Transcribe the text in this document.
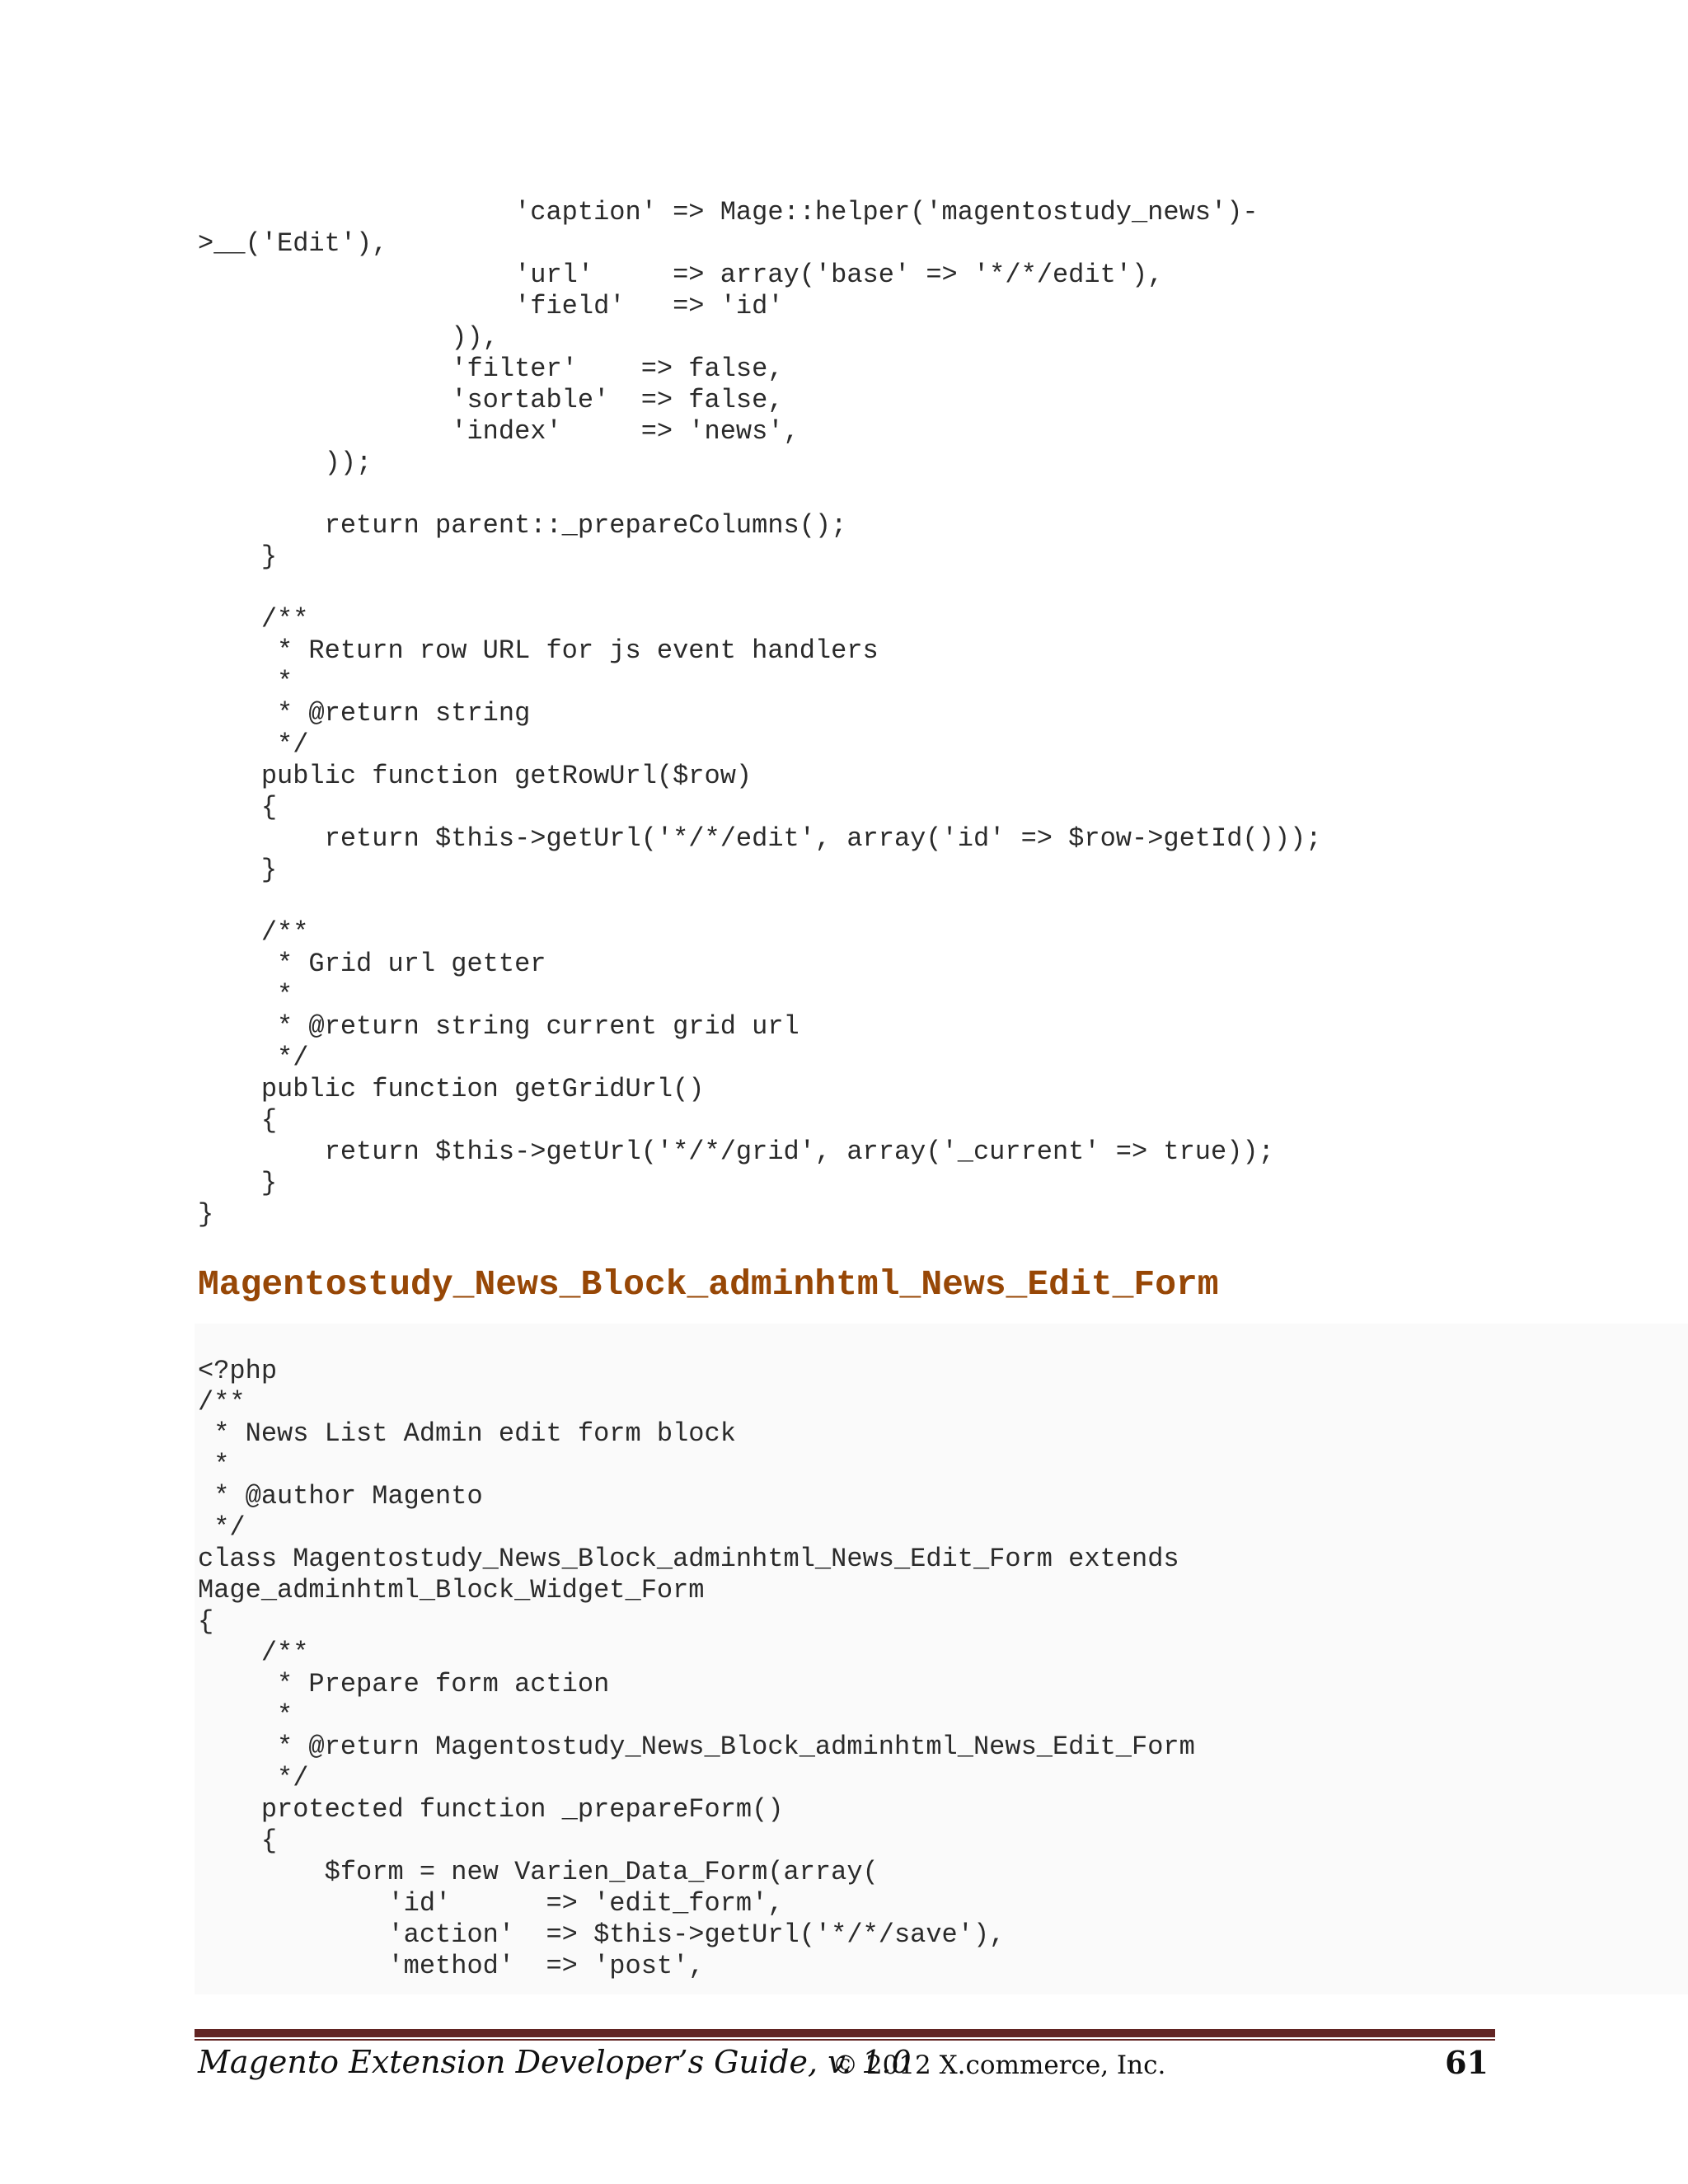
'caption' => Mage::helper('magentostudy_news')-
>__('Edit'),
'url'     => array('base' => '*/*/edit'),
'field'   => 'id'
)),
'filter'    => false,
'sortable'  => false,
'index'     => 'news',
));

return parent::_prepareColumns();
}

/**
* Return row URL for js event handlers
*
* @return string
*/
public function getRowUrl($row)
{
return $this->getUrl('*/*/edit', array('id' => $row->getId()));
}

/**
* Grid url getter
*
* @return string current grid url
*/
public function getGridUrl()
{
return $this->getUrl('*/*/grid', array('_current' => true));
}
}
Magentostudy_News_Block_adminhtml_News_Edit_Form
<?php
/**
* News List Admin edit form block
*
* @author Magento
*/
class Magentostudy_News_Block_adminhtml_News_Edit_Form extends
Mage_adminhtml_Block_Widget_Form
{
/**
* Prepare form action
*
* @return Magentostudy_News_Block_adminhtml_News_Edit_Form
*/
protected function _prepareForm()
{
$form = new Varien_Data_Form(array(
'id'      => 'edit_form',
'action'  => $this->getUrl('*/*/save'),
'method'  => 'post',
Magento Extension Developer’s Guide, v. 1.0
© 2012 X.commerce, Inc.	61
